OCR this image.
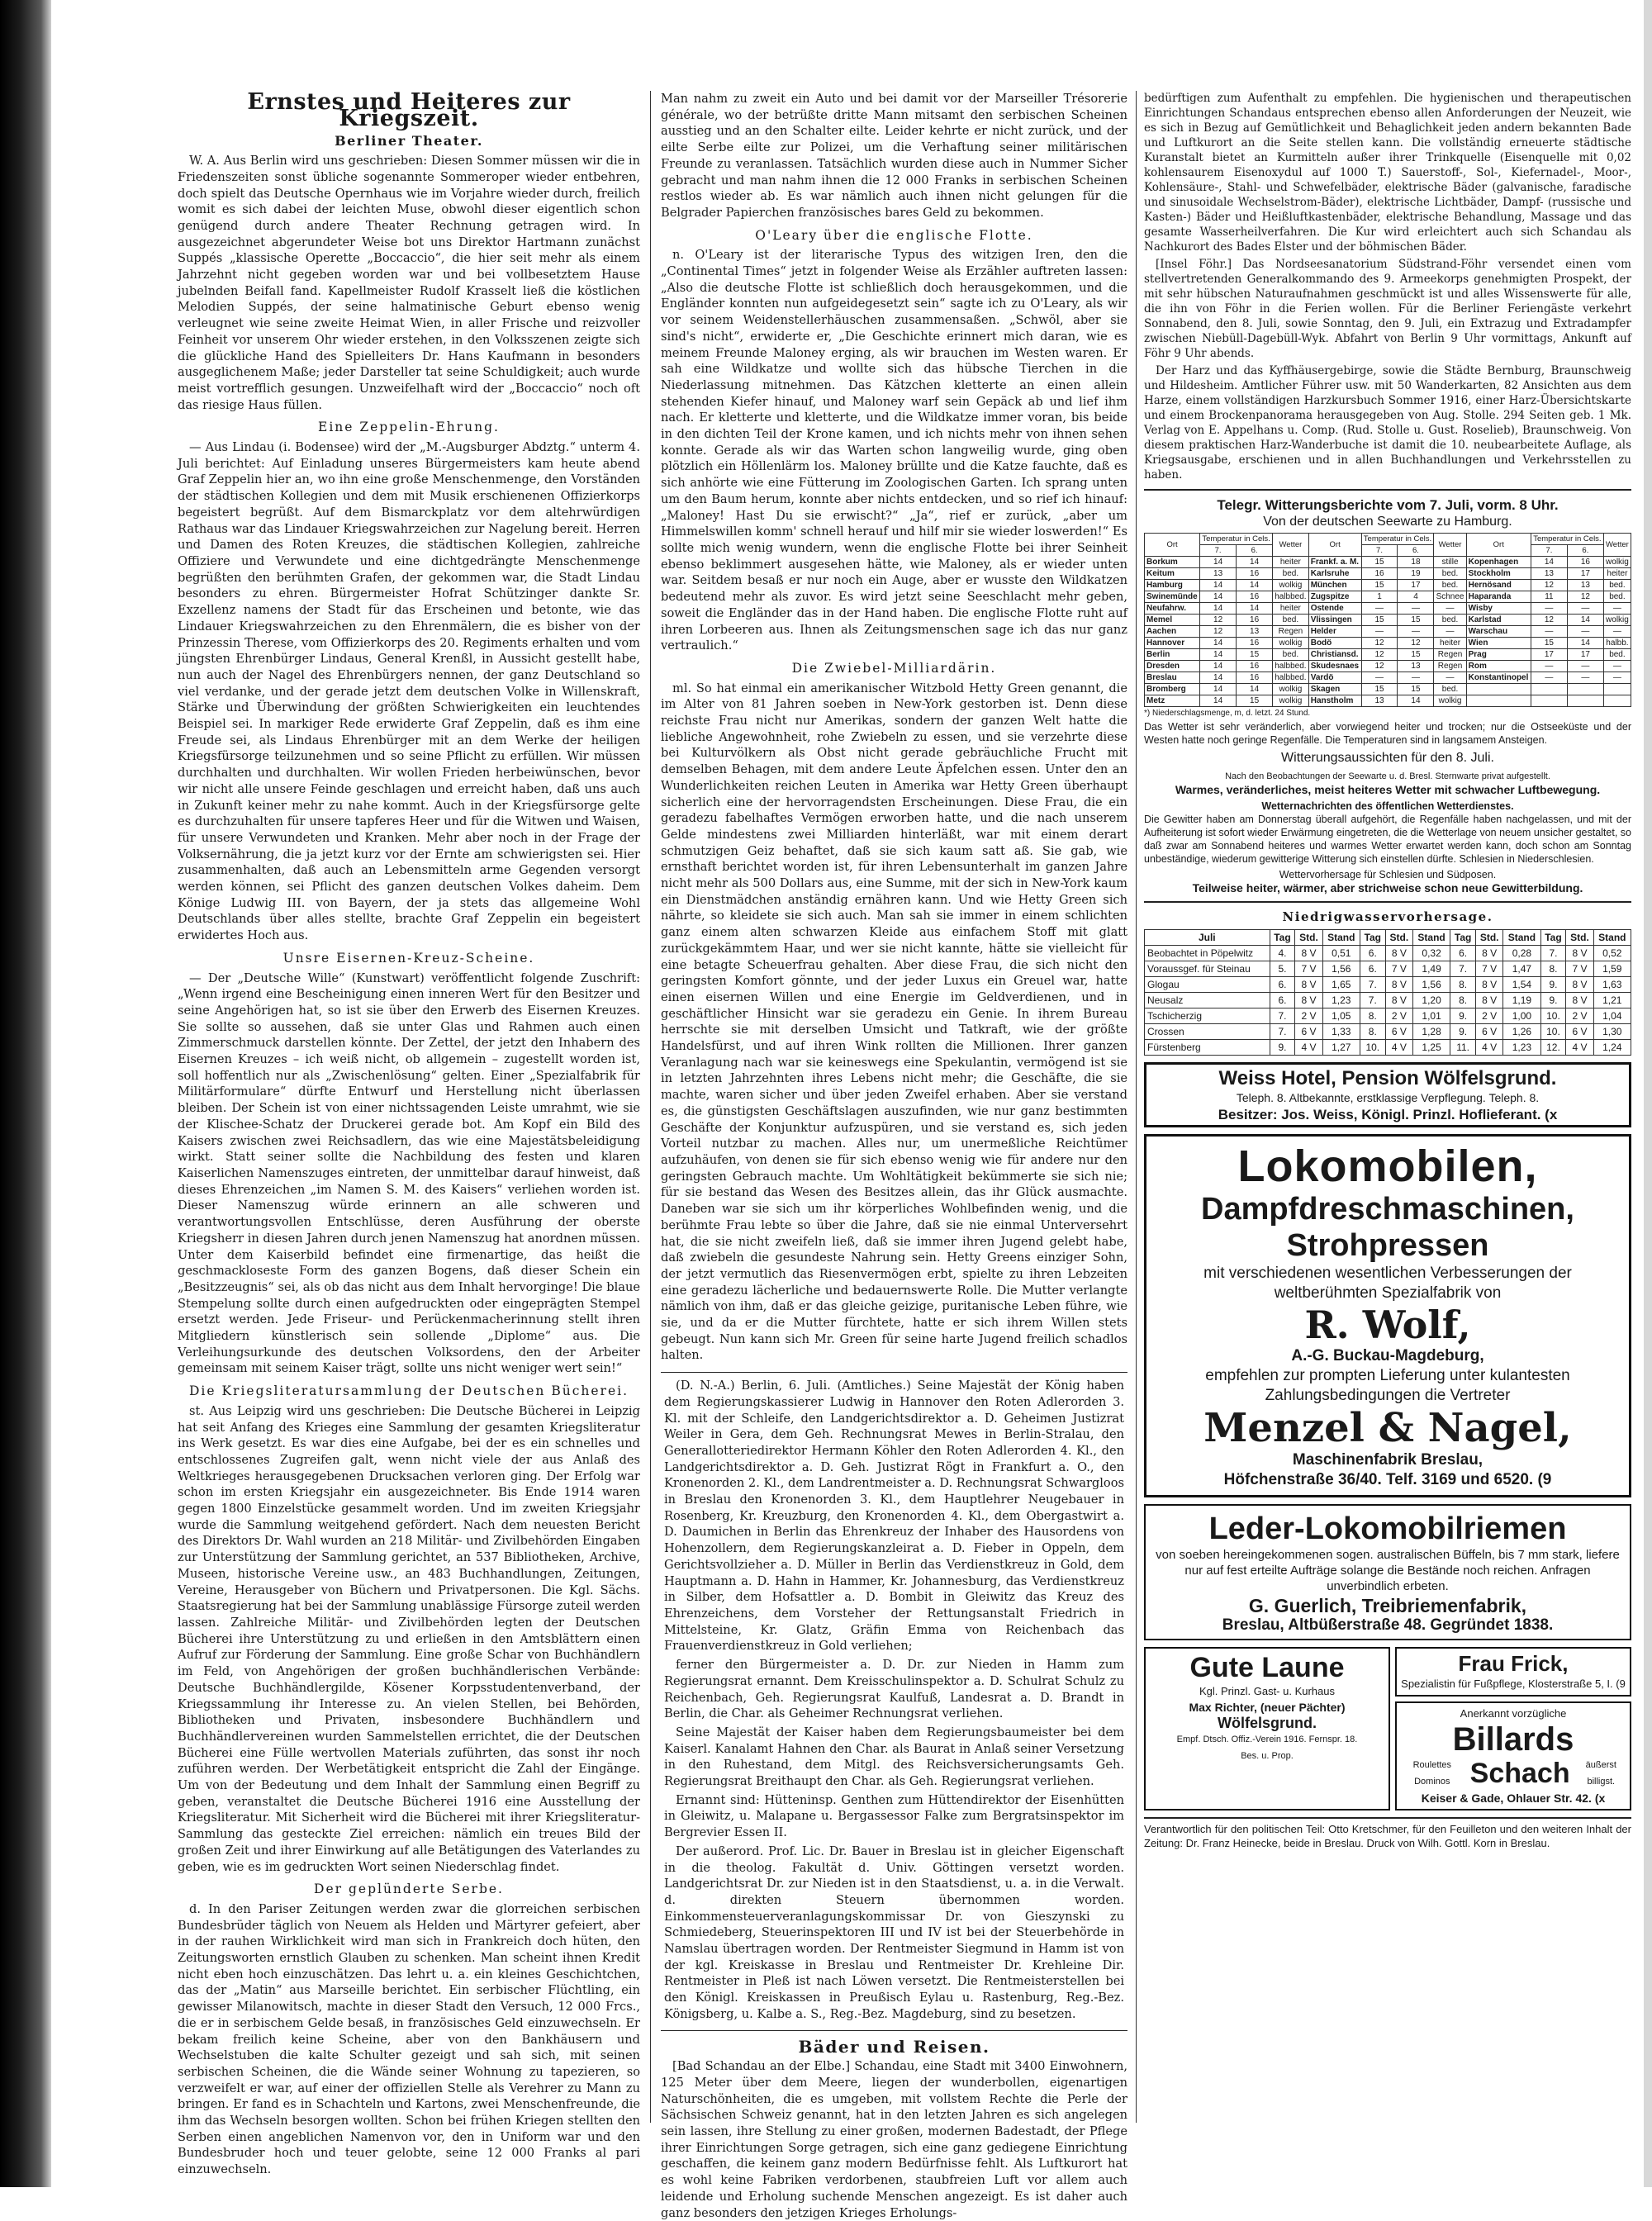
Ernstes und Heiteres zur Kriegszeit.
Berliner Theater.

W. A. Aus Berlin wird uns geschrieben: Diesen Sommer müssen wir die in Friedenszeiten sonst übliche sogenannte Sommeroper wieder entbehren, doch spielt das Deutsche Opernhaus wie im Vorjahre wieder durch, freilich womit es sich dabei der leichten Muse, obwohl dieser eigentlich schon genügend durch andere Theater Rechnung getragen wird. In ausgezeichnet abgerundeter Weise bot uns Direktor Hartmann zunächst Suppés „klassische Operette „Boccaccio“, die hier seit mehr als einem Jahrzehnt nicht gegeben worden war und bei vollbesetztem Hause jubelnden Beifall fand. Kapellmeister Rudolf Krasselt ließ die köstlichen Melodien Suppés, der seine halmatinische Geburt ebenso wenig verleugnet wie seine zweite Heimat Wien, in aller Frische und reizvoller Feinheit vor unserem Ohr wieder erstehen, in den Volksszenen zeigte sich die glückliche Hand des Spielleiters Dr. Hans Kaufmann in besonders ausgeglichenem Maße; jeder Darsteller tat seine Schuldigkeit; auch wurde meist vortrefflich gesungen. Unzweifelhaft wird der „Boccaccio“ noch oft das riesige Haus füllen.

Eine Zeppelin-Ehrung.

— Aus Lindau (i. Bodensee) wird der „M.-Augsburger Abdztg.“ unterm 4. Juli berichtet: Auf Einladung unseres Bürgermeisters kam heute abend Graf Zeppelin hier an, wo ihn eine große Menschenmenge, den Vorständen der städtischen Kollegien und dem mit Musik erschienenen Offizierkorps begeistert begrüßt. Auf dem Bismarckplatz vor dem altehrwürdigen Rathaus war das Lindauer Kriegswahrzeichen zur Nagelung bereit. Herren und Damen des Roten Kreuzes, die städtischen Kollegien, zahlreiche Offiziere und Verwundete und eine dichtgedrängte Menschenmenge begrüßten den berühmten Grafen, der gekommen war, die Stadt Lindau besonders zu ehren. Bürgermeister Hofrat Schützinger dankte Sr. Exzellenz namens der Stadt für das Erscheinen und betonte, wie das Lindauer Kriegswahrzeichen zu den Ehrenmälern, die es bisher von der Prinzessin Therese, vom Offizierkorps des 20. Regiments erhalten und vom jüngsten Ehrenbürger Lindaus, General Krenßl, in Aussicht gestellt habe, nun auch der Nagel des Ehrenbürgers nennen, der ganz Deutschland so viel verdanke, und der gerade jetzt dem deutschen Volke in Willenskraft, Stärke und Überwindung der größten Schwierigkeiten ein leuchtendes Beispiel sei. In markiger Rede erwiderte Graf Zeppelin, daß es ihm eine Freude sei, als Lindaus Ehrenbürger mit an dem Werke der heiligen Kriegsfürsorge teilzunehmen und so seine Pflicht zu erfüllen. Wir müssen durchhalten und durchhalten. Wir wollen Frieden herbeiwünschen, bevor wir nicht alle unsere Feinde geschlagen und erreicht haben, daß uns auch in Zukunft keiner mehr zu nahe kommt. Auch in der Kriegsfürsorge gelte es durchzuhalten für unsere tapferes Heer und für die Witwen und Waisen, für unsere Verwundeten und Kranken. Mehr aber noch in der Frage der Volksernährung, die ja jetzt kurz vor der Ernte am schwierigsten sei. Hier zusammenhalten, daß auch an Lebensmitteln arme Gegenden versorgt werden können, sei Pflicht des ganzen deutschen Volkes daheim. Dem Könige Ludwig III. von Bayern, der ja stets das allgemeine Wohl Deutschlands über alles stellte, brachte Graf Zeppelin ein begeistert erwidertes Hoch aus.

Unsre Eisernen-Kreuz-Scheine.

— Der „Deutsche Wille“ (Kunstwart) veröffentlicht folgende Zuschrift: „Wenn irgend eine Bescheinigung einen inneren Wert für den Besitzer und seine Angehörigen hat, so ist sie über den Erwerb des Eisernen Kreuzes. Sie sollte so aussehen, daß sie unter Glas und Rahmen auch einen Zimmerschmuck darstellen könnte. Der Zettel, der jetzt den Inhabern des Eisernen Kreuzes – ich weiß nicht, ob allgemein – zugestellt worden ist, soll hoffentlich nur als „Zwischenlösung“ gelten. Einer „Spezialfabrik für Militärformulare“ dürfte Entwurf und Herstellung nicht überlassen bleiben. Der Schein ist von einer nichtssagenden Leiste umrahmt, wie sie der Klischee-Schatz der Druckerei gerade bot. Am Kopf ein Bild des Kaisers zwischen zwei Reichsadlern, das wie eine Majestätsbeleidigung wirkt. Statt seiner sollte die Nachbildung des festen und klaren Kaiserlichen Namenszuges eintreten, der unmittelbar darauf hinweist, daß dieses Ehrenzeichen „im Namen S. M. des Kaisers“ verliehen worden ist. Dieser Namenszug würde erinnern an alle schweren und verantwortungsvollen Entschlüsse, deren Ausführung der oberste Kriegsherr in diesen Jahren durch jenen Namenszug hat anordnen müssen. Unter dem Kaiserbild befindet eine firmenartige, das heißt die geschmackloseste Form des ganzen Bogens, daß dieser Schein ein „Besitzzeugnis“ sei, als ob das nicht aus dem Inhalt hervorginge! Die blaue Stempelung sollte durch einen aufgedruckten oder eingeprägten Stempel ersetzt werden. Jede Friseur- und Perückenmacherinnung stellt ihren Mitgliedern künstlerisch sein sollende „Diplome“ aus. Die Verleihungsurkunde des deutschen Volksordens, den der Arbeiter gemeinsam mit seinem Kaiser trägt, sollte uns nicht weniger wert sein!“

Die Kriegsliteratursammlung der Deutschen Bücherei.

st. Aus Leipzig wird uns geschrieben: Die Deutsche Bücherei in Leipzig hat seit Anfang des Krieges eine Sammlung der gesamten Kriegsliteratur ins Werk gesetzt. Es war dies eine Aufgabe, bei der es ein schnelles und entschlossenes Zugreifen galt, wenn nicht viele der aus Anlaß des Weltkrieges herausgegebenen Drucksachen verloren ging. Der Erfolg war schon im ersten Kriegsjahr ein ausgezeichneter. Bis Ende 1914 waren gegen 1800 Einzelstücke gesammelt worden. Und im zweiten Kriegsjahr wurde die Sammlung weitgehend gefördert. Nach dem neuesten Bericht des Direktors Dr. Wahl wurden an 218 Militär- und Zivilbehörden Eingaben zur Unterstützung der Sammlung gerichtet, an 537 Bibliotheken, Archive, Museen, historische Vereine usw., an 483 Buchhandlungen, Zeitungen, Vereine, Herausgeber von Büchern und Privatpersonen. Die Kgl. Sächs. Staatsregierung hat bei der Sammlung unablässige Fürsorge zuteil werden lassen. Zahlreiche Militär- und Zivilbehörden legten der Deutschen Bücherei ihre Unterstützung zu und erließen in den Amtsblättern einen Aufruf zur Förderung der Sammlung. Eine große Schar von Buchhändlern im Feld, von Angehörigen der großen buchhändlerischen Verbände: Deutsche Buchhändlergilde, Kösener Korpsstudentenverband, der Kriegssammlung ihr Interesse zu. An vielen Stellen, bei Behörden, Bibliotheken und Privaten, insbesondere Buchhändlern und Buchhändlervereinen wurden Sammelstellen errichtet, die der Deutschen Bücherei eine Fülle wertvollen Materials zuführten, das sonst ihr noch zuführen werden. Der Werbetätigkeit entspricht die Zahl der Eingänge. Um von der Bedeutung und dem Inhalt der Sammlung einen Begriff zu geben, veranstaltet die Deutsche Bücherei 1916 eine Ausstellung der Kriegsliteratur. Mit Sicherheit wird die Bücherei mit ihrer Kriegsliteratur-Sammlung das gesteckte Ziel erreichen: nämlich ein treues Bild der großen Zeit und ihrer Einwirkung auf alle Betätigungen des Vaterlandes zu geben, wie es im gedruckten Wort seinen Niederschlag findet.

Der geplünderte Serbe.

d. In den Pariser Zeitungen werden zwar die glorreichen serbischen Bundesbrüder täglich von Neuem als Helden und Märtyrer gefeiert, aber in der rauhen Wirklichkeit wird man sich in Frankreich doch hüten, den Zeitungsworten ernstlich Glauben zu schenken. Man scheint ihnen Kredit nicht eben hoch einzuschätzen. Das lehrt u. a. ein kleines Geschichtchen, das der „Matin“ aus Marseille berichtet. Ein serbischer Flüchtling, ein gewisser Milanowitsch, machte in dieser Stadt den Versuch, 12 000 Frcs., die er in serbischem Gelde besaß, in französisches Geld einzuwechseln. Er bekam freilich keine Scheine, aber von den Bankhäusern und Wechselstuben die kalte Schulter gezeigt und sah sich, mit seinen serbischen Scheinen, die die Wände seiner Wohnung zu tapezieren, so verzweifelt er war, auf einer der offiziellen Stelle als Verehrer zu Mann zu bringen. Er fand es in Schachteln und Kartons, zwei Menschenfreunde, die ihm das Wechseln besorgen wollten. Schon bei frühen Kriegen stellten den Serben einen angeblichen Namenvon vor, den in Uniform war und den Bundesbruder hoch und teuer gelobte, seine 12 000 Franks al pari einzuwechseln.

Man nahm zu zweit ein Auto und bei damit vor der Marseiller Trésorerie générale, wo der betrüßte dritte Mann mitsamt den serbischen Scheinen ausstieg und an den Schalter eilte. Leider kehrte er nicht zurück, und der eilte Serbe eilte zur Polizei, um die Verhaftung seiner militärischen Freunde zu veranlassen. Tatsächlich wurden diese auch in Nummer Sicher gebracht und man nahm ihnen die 12 000 Franks in serbischen Scheinen restlos wieder ab. Es war nämlich auch ihnen nicht gelungen für die Belgrader Papierchen französisches bares Geld zu bekommen.

O'Leary über die englische Flotte.

n. O'Leary ist der literarische Typus des witzigen Iren, den die „Continental Times“ jetzt in folgender Weise als Erzähler auftreten lassen: „Also die deutsche Flotte ist schließlich doch herausgekommen, und die Engländer konnten nun aufgeidegesetzt sein“ sagte ich zu O'Leary, als wir vor seinem Weidenstellerhäuschen zusammensaßen. „Schwöl, aber sie sind's nicht“, erwiderte er, „Die Geschichte erinnert mich daran, wie es meinem Freunde Maloney erging, als wir brauchen im Westen waren. Er sah eine Wildkatze und wollte sich das hübsche Tierchen in die Niederlassung mitnehmen. Das Kätzchen kletterte an einen allein stehenden Kiefer hinauf, und Maloney warf sein Gepäck ab und lief ihm nach. Er kletterte und kletterte, und die Wildkatze immer voran, bis beide in den dichten Teil der Krone kamen, und ich nichts mehr von ihnen sehen konnte. Gerade als wir das Warten schon langweilig wurde, ging oben plötzlich ein Höllenlärm los. Maloney brüllte und die Katze fauchte, daß es sich anhörte wie eine Fütterung im Zoologischen Garten. Ich sprang unten um den Baum herum, konnte aber nichts entdecken, und so rief ich hinauf: „Maloney! Hast Du sie erwischt?“ „Ja“, rief er zurück, „aber um Himmelswillen komm' schnell herauf und hilf mir sie wieder loswerden!“ Es sollte mich wenig wundern, wenn die englische Flotte bei ihrer Seinheit ebenso beklimmert ausgesehen hätte, wie Maloney, als er wieder unten war. Seitdem besaß er nur noch ein Auge, aber er wusste den Wildkatzen bedeutend mehr als zuvor. Es wird jetzt seine Seeschlacht mehr geben, soweit die Engländer das in der Hand haben. Die englische Flotte ruht auf ihren Lorbeeren aus. Ihnen als Zeitungsmenschen sage ich das nur ganz vertraulich.“

Die Zwiebel-Milliardärin.

ml. So hat einmal ein amerikanischer Witzbold Hetty Green genannt, die im Alter von 81 Jahren soeben in New-York gestorben ist. Denn diese reichste Frau nicht nur Amerikas, sondern der ganzen Welt hatte die liebliche Angewohnheit, rohe Zwiebeln zu essen, und sie verzehrte diese bei Kulturvölkern als Obst nicht gerade gebräuchliche Frucht mit demselben Behagen, mit dem andere Leute Äpfelchen essen. Unter den an Wunderlichkeiten reichen Leuten in Amerika war Hetty Green überhaupt sicherlich eine der hervorragendsten Erscheinungen. Diese Frau, die ein geradezu fabelhaftes Vermögen erworben hatte, und die nach unserem Gelde mindestens zwei Milliarden hinterläßt, war mit einem derart schmutzigen Geiz behaftet, daß sie sich kaum satt aß. Sie gab, wie ernsthaft berichtet worden ist, für ihren Lebensunterhalt im ganzen Jahre nicht mehr als 500 Dollars aus, eine Summe, mit der sich in New-York kaum ein Dienstmädchen anständig ernähren kann. Und wie Hetty Green sich nährte, so kleidete sie sich auch. Man sah sie immer in einem schlichten ganz einem alten schwarzen Kleide aus einfachem Stoff mit glatt zurückgekämmtem Haar, und wer sie nicht kannte, hätte sie vielleicht für eine betagte Scheuerfrau gehalten. Aber diese Frau, die sich nicht den geringsten Komfort gönnte, und der jeder Luxus ein Greuel war, hatte einen eisernen Willen und eine Energie im Geldverdienen, und in geschäftlicher Hinsicht war sie geradezu ein Genie. In ihrem Bureau herrschte sie mit derselben Umsicht und Tatkraft, wie der größte Handelsfürst, und auf ihren Wink rollten die Millionen. Ihrer ganzen Veranlagung nach war sie keineswegs eine Spekulantin, vermögend ist sie in letzten Jahrzehnten ihres Lebens nicht mehr; die Geschäfte, die sie machte, waren sicher und über jeden Zweifel erhaben. Aber sie verstand es, die günstigsten Geschäftslagen auszufinden, wie nur ganz bestimmten Geschäfte der Konjunktur aufzuspüren, und sie verstand es, sich jeden Vorteil nutzbar zu machen. Alles nur, um unermeßliche Reichtümer aufzuhäufen, von denen sie für sich ebenso wenig wie für andere nur den geringsten Gebrauch machte. Um Wohltätigkeit bekümmerte sie sich nie; für sie bestand das Wesen des Besitzes allein, das ihr Glück ausmachte. Daneben war sie sich um ihr körperliches Wohlbefinden wenig, und die berühmte Frau lebte so über die Jahre, daß sie nie einmal Unterversehrt hat, die sie nicht zweifeln ließ, daß sie immer ihren Jugend gelebt habe, daß zwiebeln die gesundeste Nahrung sein. Hetty Greens einziger Sohn, der jetzt vermutlich das Riesenvermögen erbt, spielte zu ihren Lebzeiten eine geradezu lächerliche und bedauernswerte Rolle. Die Mutter verlangte nämlich von ihm, daß er das gleiche geizige, puritanische Leben führe, wie sie, und da er die Mutter fürchtete, hatte er sich ihrem Willen stets gebeugt. Nun kann sich Mr. Green für seine harte Jugend freilich schadlos halten.

(D. N.-A.) Berlin, 6. Juli. (Amtliches.) Seine Majestät der König haben dem Regierungskassierer Ludwig in Hannover den Roten Adlerorden 3. Kl. mit der Schleife, den Landgerichtsdirektor a. D. Geheimen Justizrat Weiler in Gera, dem Geh. Rechnungsrat Mewes in Berlin-Stralau, den Generallotteriedirektor Hermann Köhler den Roten Adlerorden 4. Kl., den Landgerichtsdirektor a. D. Geh. Justizrat Rögt in Frankfurt a. O., den Kronenorden 2. Kl., dem Landrentmeister a. D. Rechnungsrat Schwargloos in Breslau den Kronenorden 3. Kl., dem Hauptlehrer Neugebauer in Rosenberg, Kr. Kreuzburg, den Kronenorden 4. Kl., dem Obergastwirt a. D. Daumichen in Berlin das Ehrenkreuz der Inhaber des Hausordens von Hohenzollern, dem Regierungskanzleirat a. D. Fieber in Oppeln, dem Gerichtsvollzieher a. D. Müller in Berlin das Verdienstkreuz in Gold, dem Hauptmann a. D. Hahn in Hammer, Kr. Johannesburg, das Verdienstkreuz in Silber, dem Hofsattler a. D. Bombit in Gleiwitz das Kreuz des Ehrenzeichens, dem Vorsteher der Rettungsanstalt Friedrich in Mittelsteine, Kr. Glatz, Gräfin Emma von Reichenbach das Frauenverdienstkreuz in Gold verliehen;

ferner den Bürgermeister a. D. Dr. zur Nieden in Hamm zum Regierungsrat ernannt. Dem Kreisschulinspektor a. D. Schulrat Schulz zu Reichenbach, Geh. Regierungsrat Kaulfuß, Landesrat a. D. Brandt in Berlin, die Char. als Geheimer Rechnungsrat verliehen.

Seine Majestät der Kaiser haben dem Regierungsbaumeister bei dem Kaiserl. Kanalamt Hahnen den Char. als Baurat in Anlaß seiner Versetzung in den Ruhestand, dem Mitgl. des Reichsversicherungsamts Geh. Regierungsrat Breithaupt den Char. als Geh. Regierungsrat verliehen.

Ernannt sind: Hütteninsp. Genthen zum Hüttendirektor der Eisenhütten in Gleiwitz, u. Malapane u. Bergassessor Falke zum Bergratsinspektor im Bergrevier Essen II.

Der außerord. Prof. Lic. Dr. Bauer in Breslau ist in gleicher Eigenschaft in die theolog. Fakultät d. Univ. Göttingen versetzt worden. Landgerichtsrat Dr. zur Nieden ist in den Staatsdienst, u. a. in die Verwalt. d. direkten Steuern übernommen worden. Einkommensteuerveranlagungskommissar Dr. von Gieszynski zu Schmiedeberg, Steuerinspektoren III und IV ist bei der Steuerbehörde in Namslau übertragen worden. Der Rentmeister Siegmund in Hamm ist von der kgl. Kreiskasse in Breslau und Rentmeister Dr. Krehleine Dir. Rentmeister in Pleß ist nach Löwen versetzt. Die Rentmeisterstellen bei den Königl. Kreiskassen in Preußisch Eylau u. Rastenburg, Reg.-Bez. Königsberg, u. Kalbe a. S., Reg.-Bez. Magdeburg, sind zu besetzen.

Bäder und Reisen.

[Bad Schandau an der Elbe.] Schandau, eine Stadt mit 3400 Einwohnern, 125 Meter über dem Meere, liegen der wunderbollen, eigenartigen Naturschönheiten, die es umgeben, mit vollstem Rechte die Perle der Sächsischen Schweiz genannt, hat in den letzten Jahren es sich angelegen sein lassen, ihre Stellung zu einer großen, modernen Badestadt, der Pflege ihrer Einrichtungen Sorge getragen, sich eine ganz gediegene Einrichtung geschaffen, die keinem ganz modern Bedürfnisse fehlt. Als Luftkurort hat es wohl keine Fabriken verdorbenen, staubfreien Luft vor allem auch leidende und Erholung suchende Menschen angezeigt. Es ist daher auch ganz besonders den jetzigen Krieges Erholungs-

bedürftigen zum Aufenthalt zu empfehlen. Die hygienischen und therapeutischen Einrichtungen Schandaus entsprechen ebenso allen Anforderungen der Neuzeit, wie es sich in Bezug auf Gemütlichkeit und Behaglichkeit jeden andern bekannten Bade und Luftkurort an die Seite stellen kann. Die vollständig erneuerte städtische Kuranstalt bietet an Kurmitteln außer ihrer Trinkquelle (Eisenquelle mit 0,02 kohlensaurem Eisenoxydul auf 1000 T.) Sauerstoff-, Sol-, Kiefernadel-, Moor-, Kohlensäure-, Stahl- und Schwefelbäder, elektrische Bäder (galvanische, faradische und sinusoidale Wechselstrom-Bäder), elektrische Lichtbäder, Dampf- (russische und Kasten-) Bäder und Heißluftkastenbäder, elektrische Behandlung, Massage und das gesamte Wasserheilverfahren. Die Kur wird erleichtert auch sich Schandau als Nachkurort des Bades Elster und der böhmischen Bäder.

[Insel Föhr.] Das Nordseesanatorium Südstrand-Föhr versendet einen vom stellvertretenden Generalkommando des 9. Armeekorps genehmigten Prospekt, der mit sehr hübschen Naturaufnahmen geschmückt ist und alles Wissenswerte für alle, die ihn von Föhr in die Ferien wollen. Für die Berliner Feriengäste verkehrt Sonnabend, den 8. Juli, sowie Sonntag, den 9. Juli, ein Extrazug und Extradampfer zwischen Niebüll-Dagebüll-Wyk. Abfahrt von Berlin 9 Uhr vormittags, Ankunft auf Föhr 9 Uhr abends.

Der Harz und das Kyffhäusergebirge, sowie die Städte Bernburg, Braunschweig und Hildesheim. Amtlicher Führer usw. mit 50 Wanderkarten, 82 Ansichten aus dem Harze, einem vollständigen Harzkursbuch Sommer 1916, einer Harz-Übersichtskarte und einem Brockenpanorama herausgegeben von Aug. Stolle. 294 Seiten geb. 1 Mk. Verlag von E. Appelhans u. Comp. (Rud. Stolle u. Gust. Roselieb), Braunschweig. Von diesem praktischen Harz-Wanderbuche ist damit die 10. neubearbeitete Auflage, als Kriegsausgabe, erschienen und in allen Buchhandlungen und Verkehrsstellen zu haben.

Telegr. Witterungsberichte vom 7. Juli, vorm. 8 Uhr.
Von der deutschen Seewarte zu Hamburg.
Ort	Temperatur in Cels.		Wetter	Ort	Temperatur in Cels.		Wetter	Ort	Temperatur in Cels.		Wetter
	7.	6.			7.	6.			7.	6.	
Borkum	14	14	heiter	Frankf. a. M.	15	18	stille	Kopenhagen	14	16	wolkig
Keitum	13	16	bed.	Karlsruhe	16	19	bed.	Stockholm	13	17	heiter
Hamburg	14	14	wolkig	München	15	17	bed.	Hernösand	12	13	bed.
Swinemünde	14	16	halbbed.	Zugspitze	1	4	Schnee	Haparanda	11	12	bed.
Neufahrw.	14	14	heiter	Ostende	—	—	—	Wisby	—	—	—
Memel	12	16	bed.	Vlissingen	15	15	bed.	Karlstad	12	14	wolkig
Aachen	12	13	Regen	Helder	—	—	—	Warschau	—	—	—
Hannover	14	16	wolkig	Bodö	12	12	heiter	Wien	15	14	halbb.
Berlin	14	15	bed.	Christiansd.	12	15	Regen	Prag	17	17	bed.
Dresden	14	16	halbbed.	Skudesnaes	12	13	Regen	Rom	—	—	—
Breslau	14	16	halbbed.	Vardö	—	—	—	Konstantinopel	—	—	—
Bromberg	14	14	wolkig	Skagen	15	15	bed.				
Metz	14	15	wolkig	Hanstholm	13	14	wolkig				
*) Niederschlagsmenge, m, d. letzt. 24 Stund.
Das Wetter ist sehr veränderlich, aber vorwiegend heiter und trocken; nur die Ostseeküste und der Westen hatte noch geringe Regenfälle. Die Temperaturen sind in langsamem Ansteigen.
Witterungsaussichten für den 8. Juli.
Nach den Beobachtungen der Seewarte u. d. Bresl. Sternwarte privat aufgestellt.
Warmes, veränderliches, meist heiteres Wetter mit schwacher Luftbewegung.
Wetternachrichten des öffentlichen Wetterdienstes.
Die Gewitter haben am Donnerstag überall aufgehört, die Regenfälle haben nachgelassen, und mit der Aufheiterung ist sofort wieder Erwärmung eingetreten, die die Wetterlage von neuem unsicher gestaltet, so daß zwar am Sonnabend heiteres und warmes Wetter erwartet werden kann, doch schon am Sonntag unbeständige, wiederum gewitterige Witterung sich einstellen dürfte. Schlesien in Niederschlesien.
Wettervorhersage für Schlesien und Südposen.
Teilweise heiter, wärmer, aber strichweise schon neue Gewitterbildung.
Niedrigwasservorhersage.
Juli	Tag	Std.	Stand	Tag	Std.	Stand	Tag	Std.	Stand	Tag	Std.	Stand
Beobachtet in Pöpelwitz	4.	8 V	0,51	6.	8 V	0,32	6.	8 V	0,28	7.	8 V	0,52
Voraussgef. für Steinau	5.	7 V	1,56	6.	7 V	1,49	7.	7 V	1,47	8.	7 V	1,59
Glogau	6.	8 V	1,65	7.	8 V	1,56	8.	8 V	1,54	9.	8 V	1,63
Neusalz	6.	8 V	1,23	7.	8 V	1,20	8.	8 V	1,19	9.	8 V	1,21
Tschicherzig	7.	2 V	1,05	8.	2 V	1,01	9.	2 V	1,00	10.	2 V	1,04
Crossen	7.	6 V	1,33	8.	6 V	1,28	9.	6 V	1,26	10.	6 V	1,30
Fürstenberg	9.	4 V	1,27	10.	4 V	1,25	11.	4 V	1,23	12.	4 V	1,24
Weiss Hotel, Pension Wölfelsgrund.
Teleph. 8. Altbekannte, erstklassige Verpflegung. Teleph. 8.
Besitzer: Jos. Weiss, Königl. Prinzl. Hoflieferant. (x
Lokomobilen,
Dampfdreschmaschinen,
Strohpressen
mit verschiedenen wesentlichen Verbesserungen der weltberühmten Spezialfabrik von
R. Wolf,
A.-G. Buckau-Magdeburg,
empfehlen zur prompten Lieferung unter kulantesten Zahlungsbedingungen die Vertreter
Menzel & Nagel,
Maschinenfabrik Breslau,
Höfchenstraße 36/40. Telf. 3169 und 6520. (9
Leder-Lokomobilriemen
von soeben hereingekommenen sogen. australischen Büffeln, bis 7 mm stark, liefere nur auf fest erteilte Aufträge solange die Bestände noch reichen. Anfragen unverbindlich erbeten.
G. Guerlich, Treibriemenfabrik,
Breslau, Altbüßerstraße 48. Gegründet 1838.
Gute Laune
Kgl. Prinzl. Gast- u. Kurhaus
Max Richter, (neuer Pächter)
Wölfelsgrund.
Empf. Dtsch. Offiz.-Verein 1916. Fernspr. 18.
Bes. u. Prop.
Frau Frick,
Spezialistin für Fußpflege, Klosterstraße 5, I. (9
Anerkannt vorzügliche
Billards
Roulettes Dominos Schach	äußerst billigst.
Keiser & Gade, Ohlauer Str. 42. (x
Verantwortlich für den politischen Teil: Otto Kretschmer, für den Feuilleton und den weiteren Inhalt der Zeitung: Dr. Franz Heinecke, beide in Breslau. Druck von Wilh. Gottl. Korn in Breslau.
